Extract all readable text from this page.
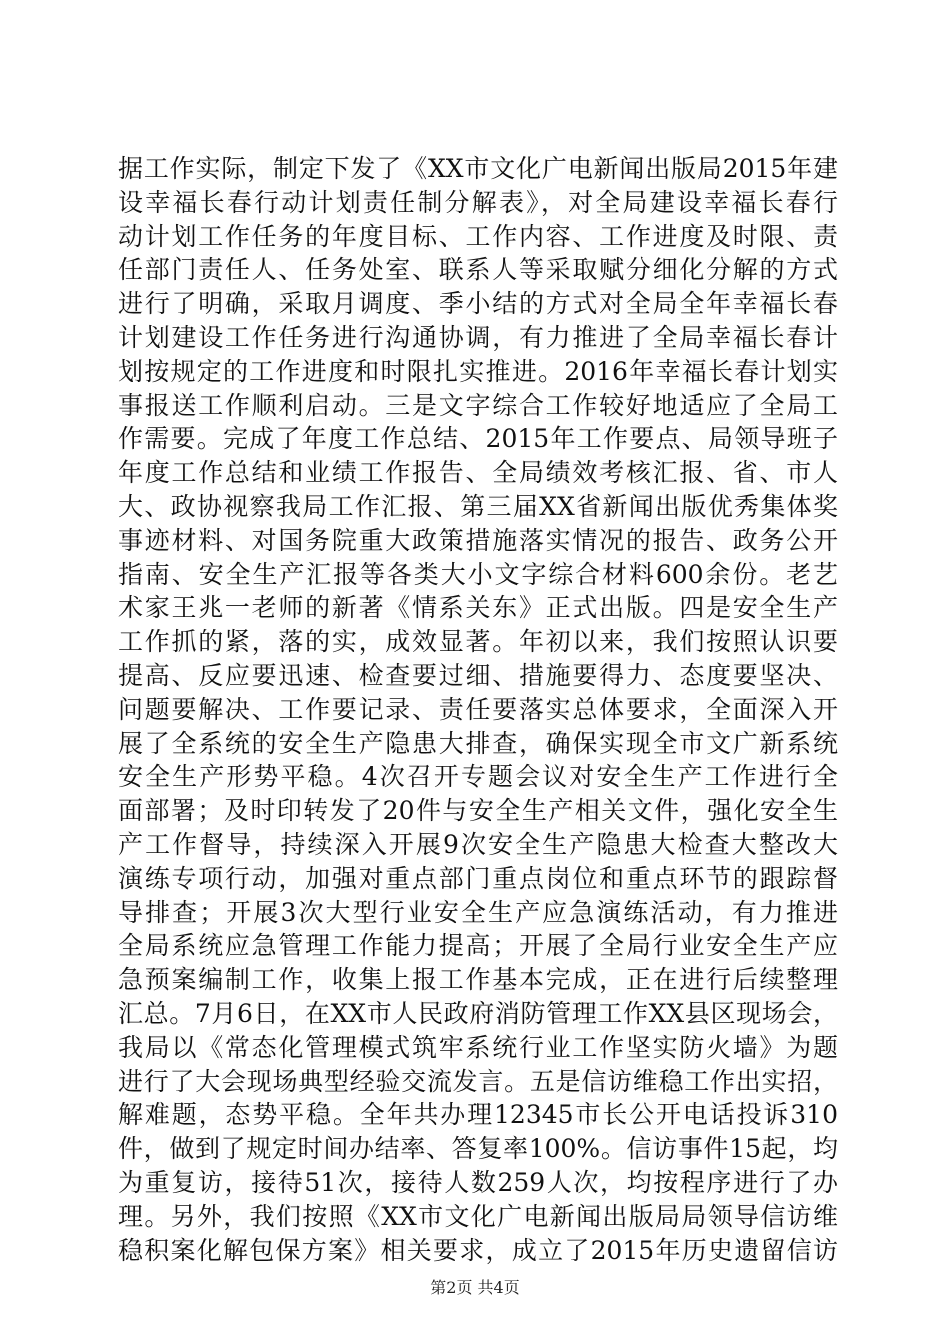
据工作实际，制定下发了《XX市文化广电新闻出版局2015年建
设幸福长春行动计划责任制分解表》，对全局建设幸福长春行
动计划工作任务的年度目标、工作内容、工作进度及时限、责
任部门责任人、任务处室、联系人等采取赋分细化分解的方式
进行了明确，采取月调度、季小结的方式对全局全年幸福长春
计划建设工作任务进行沟通协调，有力推进了全局幸福长春计
划按规定的工作进度和时限扎实推进。2016年幸福长春计划实
事报送工作顺利启动。三是文字综合工作较好地适应了全局工
作需要。完成了年度工作总结、2015年工作要点、局领导班子
年度工作总结和业绩工作报告、全局绩效考核汇报、省、市人
大、政协视察我局工作汇报、第三届XX省新闻出版优秀集体奖
事迹材料、对国务院重大政策措施落实情况的报告、政务公开
指南、安全生产汇报等各类大小文字综合材料600余份。老艺
术家王兆一老师的新著《情系关东》正式出版。四是安全生产
工作抓的紧，落的实，成效显著。年初以来，我们按照认识要
提高、反应要迅速、检查要过细、措施要得力、态度要坚决、
问题要解决、工作要记录、责任要落实总体要求，全面深入开
展了全系统的安全生产隐患大排查，确保实现全市文广新系统
安全生产形势平稳。4次召开专题会议对安全生产工作进行全
面部署；及时印转发了20件与安全生产相关文件，强化安全生
产工作督导，持续深入开展9次安全生产隐患大检查大整改大
演练专项行动，加强对重点部门重点岗位和重点环节的跟踪督
导排查；开展3次大型行业安全生产应急演练活动，有力推进
全局系统应急管理工作能力提高；开展了全局行业安全生产应
急预案编制工作，收集上报工作基本完成，正在进行后续整理
汇总。7月6日，在XX市人民政府消防管理工作XX县区现场会，
我局以《常态化管理模式筑牢系统行业工作坚实防火墙》为题
进行了大会现场典型经验交流发言。五是信访维稳工作出实招，
解难题，态势平稳。全年共办理12345市长公开电话投诉310
件，做到了规定时间办结率、答复率100%。信访事件15起，均
为重复访，接待51次，接待人数259人次，均按程序进行了办
理。另外，我们按照《XX市文化广电新闻出版局局领导信访维
稳积案化解包保方案》相关要求，成立了2015年历史遗留信访
第2页 共4页
